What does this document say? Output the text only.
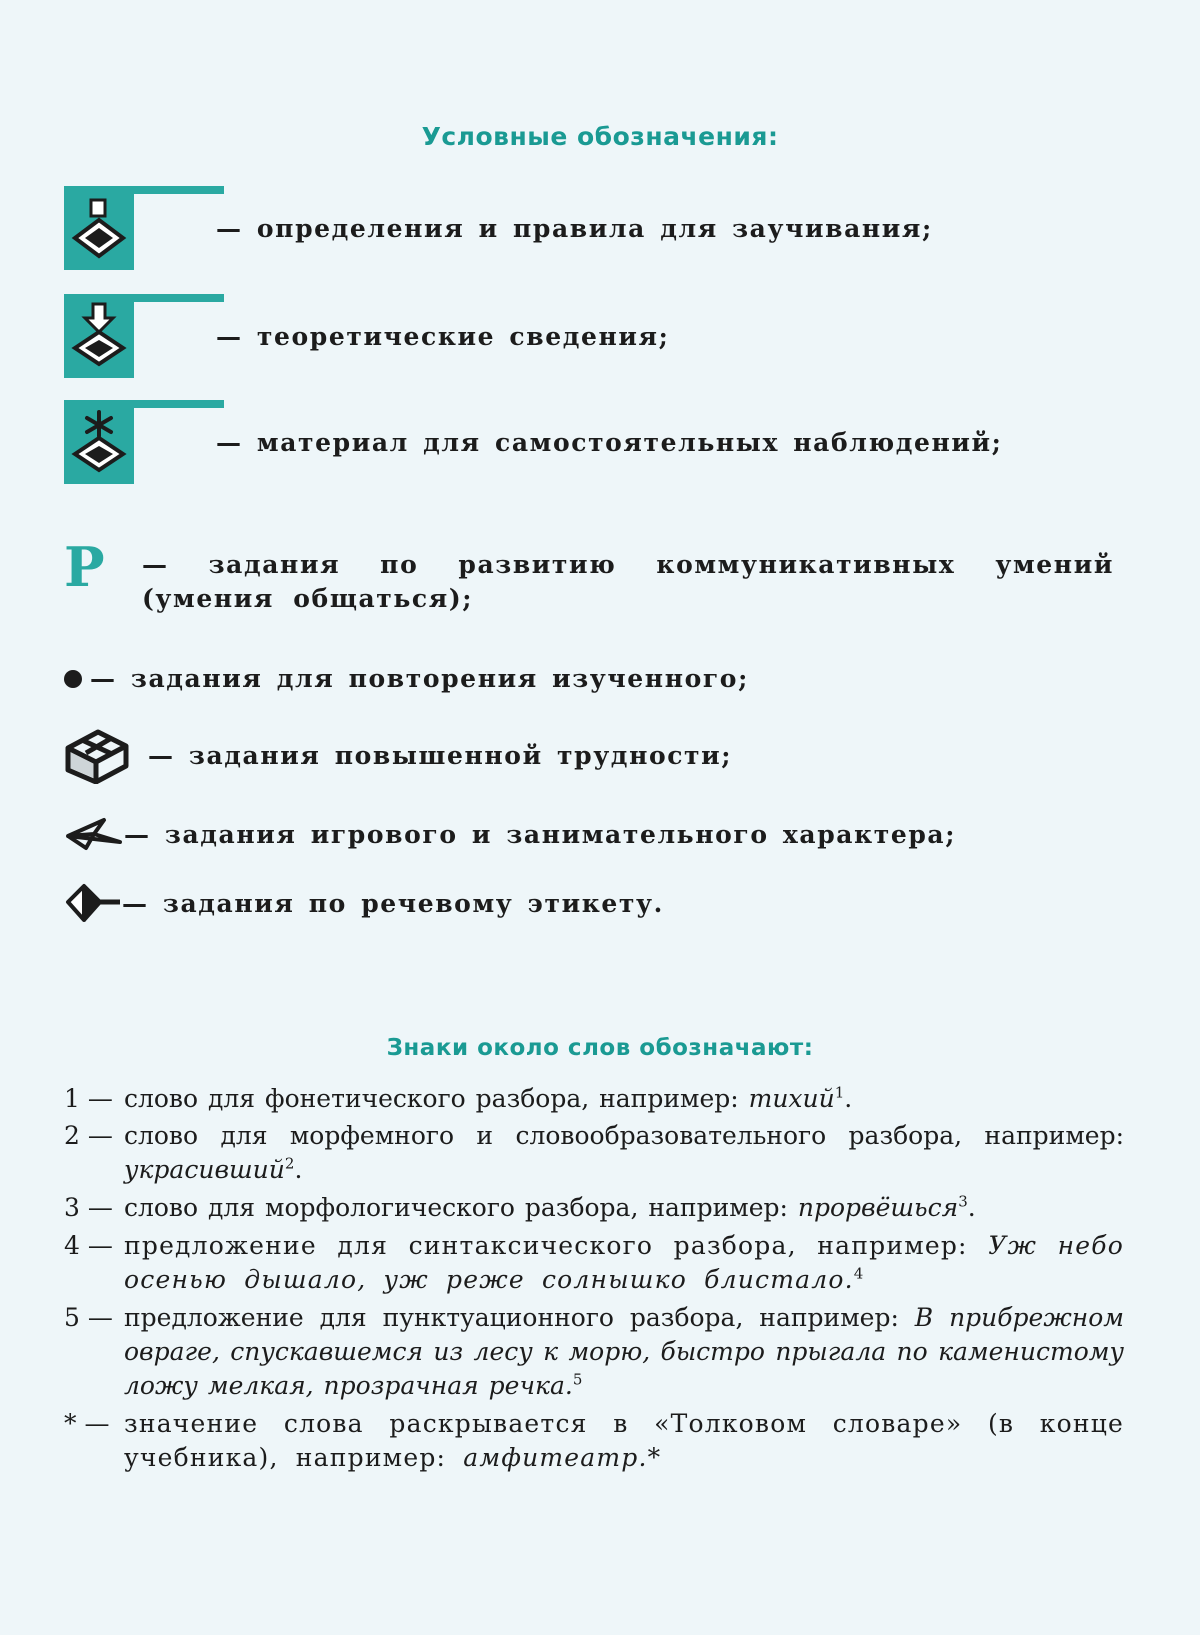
Условные обозначения:
— определения и правила для заучивания;
— теоретические сведения;
— материал для самостоятельных наблюдений;
Р — задания по развитию коммуникативных умений (умения общаться);
— задания для повторения изученного;
— задания повышенной трудности;
— задания игрового и занимательного характера;
— задания по речевому этикету.
Знаки около слов обозначают:
1 — слово для фонетического разбора, например: тихий$^1$.
2 — слово для морфемного и словообразовательного разбора, например: украсивший$^2$.
3 — слово для морфологического разбора, например: прорвёшься$^3$.
4 — предложение для синтаксического разбора, например: Уж небо осенью дышало, уж реже солнышко блистало.$^4$
5 — предложение для пунктуационного разбора, например: В прибрежном овраге, спускавшемся из лесу к морю, быстро прыгала по каменистому ложу мелкая, прозрачная речка.$^5$
* — значение слова раскрывается в «Толковом словаре» (в конце учебника), например: амфитеатр.*
